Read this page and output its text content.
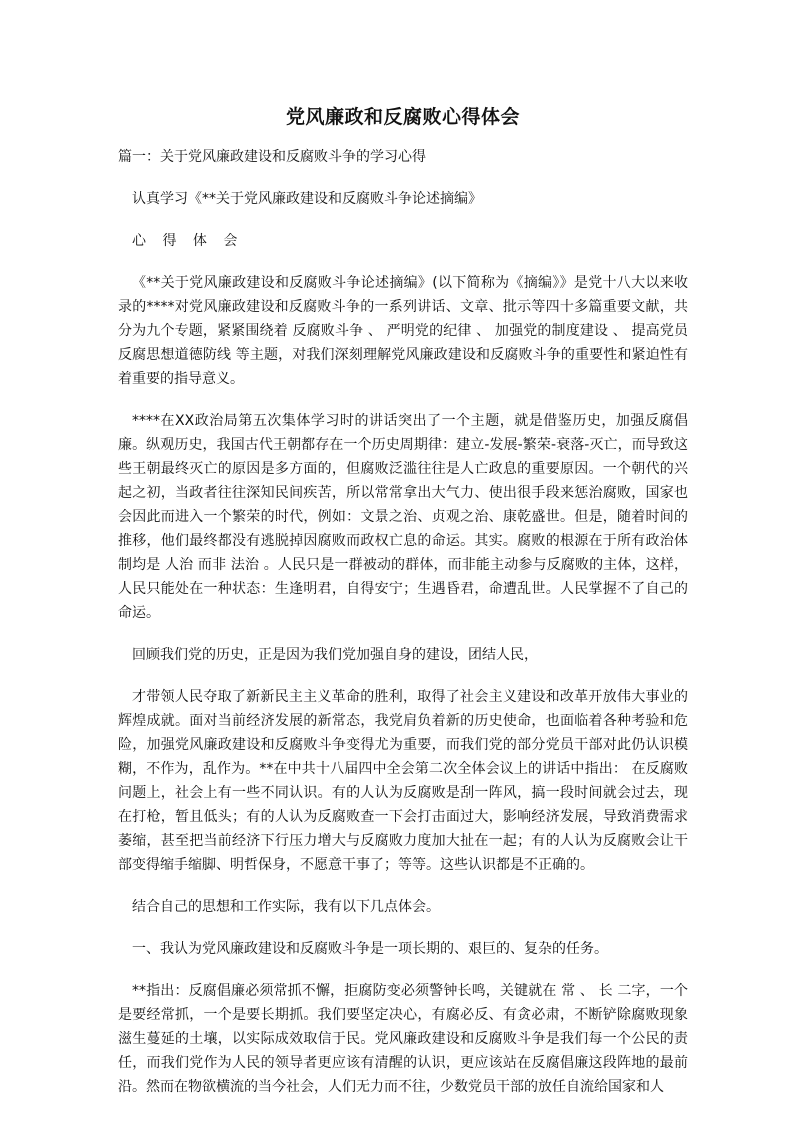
党风廉政和反腐败心得体会

篇一：关于党风廉政建设和反腐败斗争的学习心得

认真学习《**关于党风廉政建设和反腐败斗争论述摘编》

心 得 体 会

《**关于党风廉政建设和反腐败斗争论述摘编》(以下简称为《摘编》》是党十八大以来收录的****对党风廉政建设和反腐败斗争的一系列讲话、文章、批示等四十多篇重要文献，共分为九个专题，紧紧围绕着 反腐败斗争 、 严明党的纪律 、 加强党的制度建设 、 提高党员反腐思想道德防线 等主题，对我们深刻理解党风廉政建设和反腐败斗争的重要性和紧迫性有着重要的指导意义。

****在XX政治局第五次集体学习时的讲话突出了一个主题，就是借鉴历史，加强反腐倡廉。纵观历史，我国古代王朝都存在一个历史周期律：建立-发展-繁荣-衰落-灭亡，而导致这些王朝最终灭亡的原因是多方面的，但腐败泛滥往往是人亡政息的重要原因。一个朝代的兴起之初，当政者往往深知民间疾苦，所以常常拿出大气力、使出很手段来惩治腐败，国家也会因此而进入一个繁荣的时代，例如：文景之治、贞观之治、康乾盛世。但是，随着时间的推移，他们最终都没有逃脱掉因腐败而政权亡息的命运。其实。腐败的根源在于所有政治体制均是 人治 而非 法治 。人民只是一群被动的群体，而非能主动参与反腐败的主体，这样，人民只能处在一种状态：生逢明君，自得安宁；生遇昏君，命遭乱世。人民掌握不了自己的命运。

回顾我们党的历史，正是因为我们党加强自身的建设，团结人民，

才带领人民夺取了新新民主主义革命的胜利，取得了社会主义建设和改革开放伟大事业的辉煌成就。面对当前经济发展的新常态，我党肩负着新的历史使命，也面临着各种考验和危险，加强党风廉政建设和反腐败斗争变得尤为重要，而我们党的部分党员干部对此仍认识模糊，不作为，乱作为。**在中共十八届四中全会第二次全体会议上的讲话中指出： 在反腐败问题上，社会上有一些不同认识。有的人认为反腐败是刮一阵风，搞一段时间就会过去，现在打枪，暂且低头；有的人认为反腐败查一下会打击面过大，影响经济发展，导致消费需求萎缩，甚至把当前经济下行压力增大与反腐败力度加大扯在一起；有的人认为反腐败会让干部变得缩手缩脚、明哲保身，不愿意干事了；等等。这些认识都是不正确的。

结合自己的思想和工作实际，我有以下几点体会。

一、我认为党风廉政建设和反腐败斗争是一项长期的、艰巨的、复杂的任务。

**指出：反腐倡廉必须常抓不懈，拒腐防变必须警钟长鸣，关键就在 常 、 长 二字，一个是要经常抓，一个是要长期抓。我们要坚定决心，有腐必反、有贪必肃，不断铲除腐败现象滋生蔓延的土壤，以实际成效取信于民。党风廉政建设和反腐败斗争是我们每一个公民的责任，而我们党作为人民的领导者更应该有清醒的认识，更应该站在反腐倡廉这段阵地的最前沿。然而在物欲横流的当今社会，人们无力而不往，少数党员干部的放任自流给国家和人
